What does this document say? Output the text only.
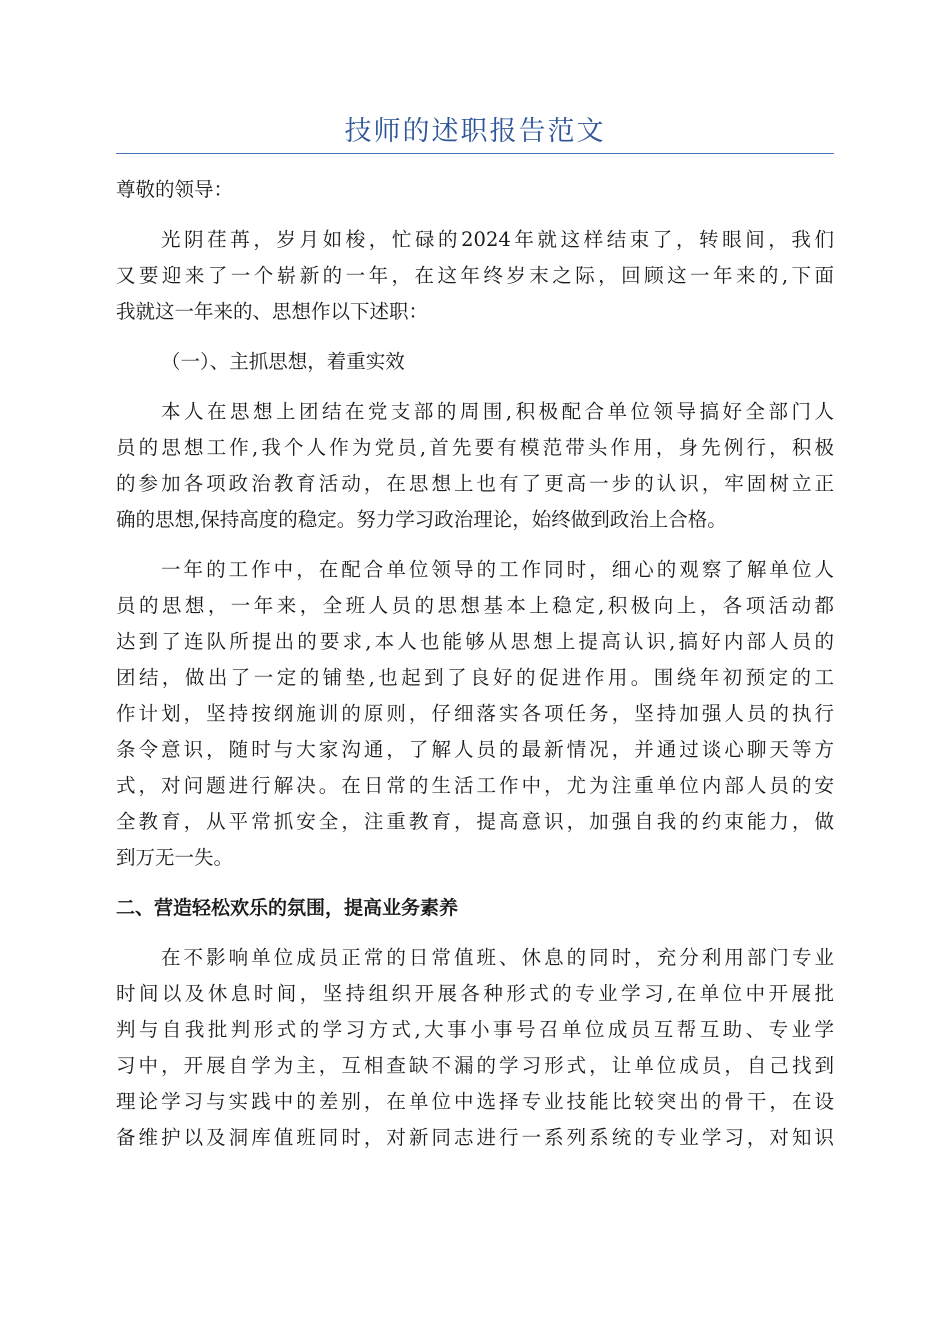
技师的述职报告范文
尊敬的领导：
光阴荏苒，岁月如梭，忙碌的2024年就这样结束了，转眼间，我们
又要迎来了一个崭新的一年，在这年终岁末之际，回顾这一年来的,下面
我就这一年来的、思想作以下述职：
（一）、主抓思想，着重实效
本人在思想上团结在党支部的周围,积极配合单位领导搞好全部门人
员的思想工作,我个人作为党员,首先要有模范带头作用，身先例行，积极
的参加各项政治教育活动，在思想上也有了更高一步的认识，牢固树立正
确的思想,保持高度的稳定。努力学习政治理论，始终做到政治上合格。
一年的工作中，在配合单位领导的工作同时，细心的观察了解单位人
员的思想，一年来，全班人员的思想基本上稳定,积极向上，各项活动都
达到了连队所提出的要求,本人也能够从思想上提高认识,搞好内部人员的
团结，做出了一定的铺垫,也起到了良好的促进作用。围绕年初预定的工
作计划，坚持按纲施训的原则，仔细落实各项任务，坚持加强人员的执行
条令意识，随时与大家沟通，了解人员的最新情况，并通过谈心聊天等方
式，对问题进行解决。在日常的生活工作中，尤为注重单位内部人员的安
全教育，从平常抓安全，注重教育，提高意识，加强自我的约束能力，做
到万无一失。
二、营造轻松欢乐的氛围，提高业务素养
在不影响单位成员正常的日常值班、休息的同时，充分利用部门专业
时间以及休息时间，坚持组织开展各种形式的专业学习,在单位中开展批
判与自我批判形式的学习方式,大事小事号召单位成员互帮互助、专业学
习中，开展自学为主，互相查缺不漏的学习形式，让单位成员，自己找到
理论学习与实践中的差别，在单位中选择专业技能比较突出的骨干，在设
备维护以及洞库值班同时，对新同志进行一系列系统的专业学习，对知识
